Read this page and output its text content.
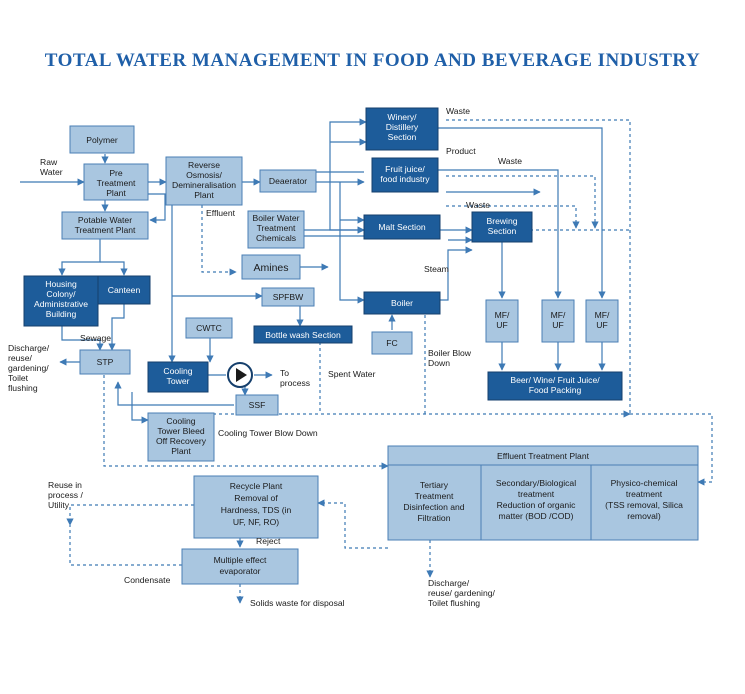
TOTAL WATER MANAGEMENT IN FOOD AND BEVERAGE INDUSTRY
Polymer
Pre Treatment Plant
Reverse Osmosis/ Demineralisation Plant
Deaerator
Winery/ Distillery Section
Fruit juice/ food industry
Malt Section
Brewing Section
Potable Water Treatment Plant
Boiler Water Treatment Chemicals
Amines
Housing Colony/ Administrative Building
Canteen
SPFBW
Boiler
CWTC
Bottle wash Section
FC
STP
Cooling Tower
SSF
Cooling Tower Bleed Off Recovery Plant
MF/ UF
MF/ UF
MF/ UF
Beer/ Wine/ Fruit Juice/ Food Packing
Effluent Treatment Plant
Tertiary Treatment Disinfection and Filtration
Secondary/Biological treatment Reduction of organic matter (BOD /COD)
Physico-chemical treatment (TSS removal, Silica removal)
Recycle Plant Removal of Hardness, TDS (in UF, NF, RO)
Multiple effect evaporator
Raw Water
Waste
Product
Waste
Waste
Effluent
Steam
Sewage
Discharge/ reuse/ gardening/ Toilet flushing
To process
Spent Water
Boiler Blow Down
Cooling Tower Blow Down
Reuse in process / Utility
Reject
Condensate
Solids waste for disposal
Discharge/ reuse/ gardening/ Toilet flushing
